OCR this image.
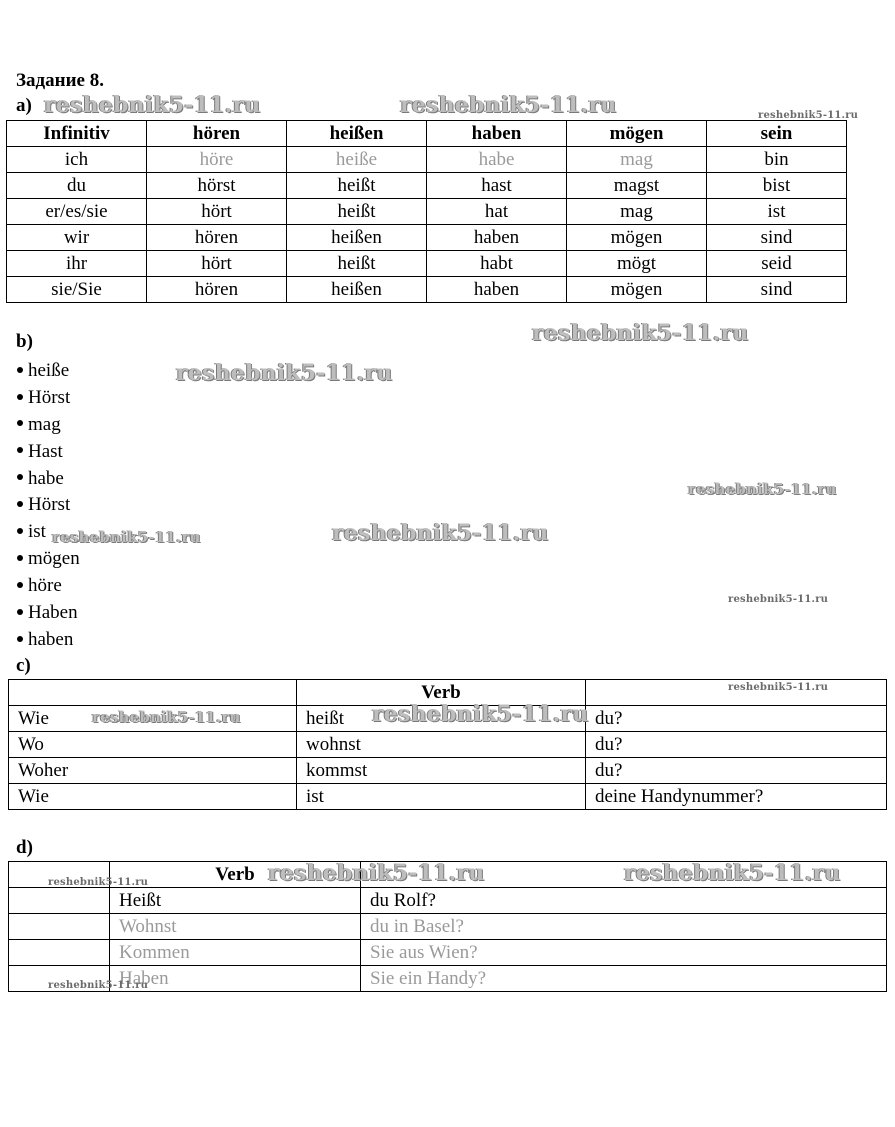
Задание 8.
a)
Infinitiv	hören	heißen	haben	mögen	sein
ich	höre	heiße	habe	mag	bin
du	hörst	heißt	hast	magst	bist
er/es/sie	hört	heißt	hat	mag	ist
wir	hören	heißen	haben	mögen	sind
ihr	hört	heißt	habt	mögt	seid
sie/Sie	hören	heißen	haben	mögen	sind
b)
heiße
Hörst
mag
Hast
habe
Hörst
ist
mögen
höre
Haben
haben
c)
	Verb	
Wie	heißt	du?
Wo	wohnst	du?
Woher	kommst	du?
Wie	ist	deine Handynummer?
d)
	Verb	
	Heißt	du Rolf?
	Wohnst	du in Basel?
	Kommen	Sie aus Wien?
	Haben	Sie ein Handy?
reshebnik5-11.ru	reshebnik5-11.ru	reshebnik5-11.ru
reshebnik5-11.ru
reshebnik5-11.ru
reshebnik5-11.ru
reshebnik5-11.ru	reshebnik5-11.ru
reshebnik5-11.ru
reshebnik5-11.ru
reshebnik5-11.ru	reshebnik5-11.ru
reshebnik5-11.ru	reshebnik5-11.ru	reshebnik5-11.ru
reshebnik5-11.ru
